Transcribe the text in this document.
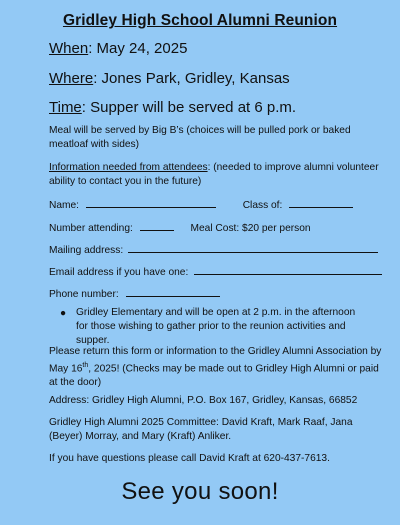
Gridley High School Alumni Reunion
When: May 24, 2025
Where: Jones Park, Gridley, Kansas
Time: Supper will be served at 6 p.m.
Meal will be served by Big B’s (choices will be pulled pork or baked
meatloaf with sides)
Information needed from attendees: (needed to improve alumni volunteer
ability to contact you in the future)
Name:	Class of:
Number attending:	Meal Cost: $20 per person
Mailing address:
Email address if you have one:
Phone number:
● Gridley Elementary and will be open at 2 p.m. in the afternoon for those wishing to gather prior to the reunion activities and supper.
Please return this form or information to the Gridley Alumni Association by
May 16th, 2025! (Checks may be made out to Gridley High Alumni or paid
at the door)
Address: Gridley High Alumni, P.O. Box 167, Gridley, Kansas, 66852
Gridley High Alumni 2025 Committee: David Kraft, Mark Raaf, Jana
(Beyer) Morray, and Mary (Kraft) Anliker.
If you have questions please call David Kraft at 620-437-7613.
See you soon!
